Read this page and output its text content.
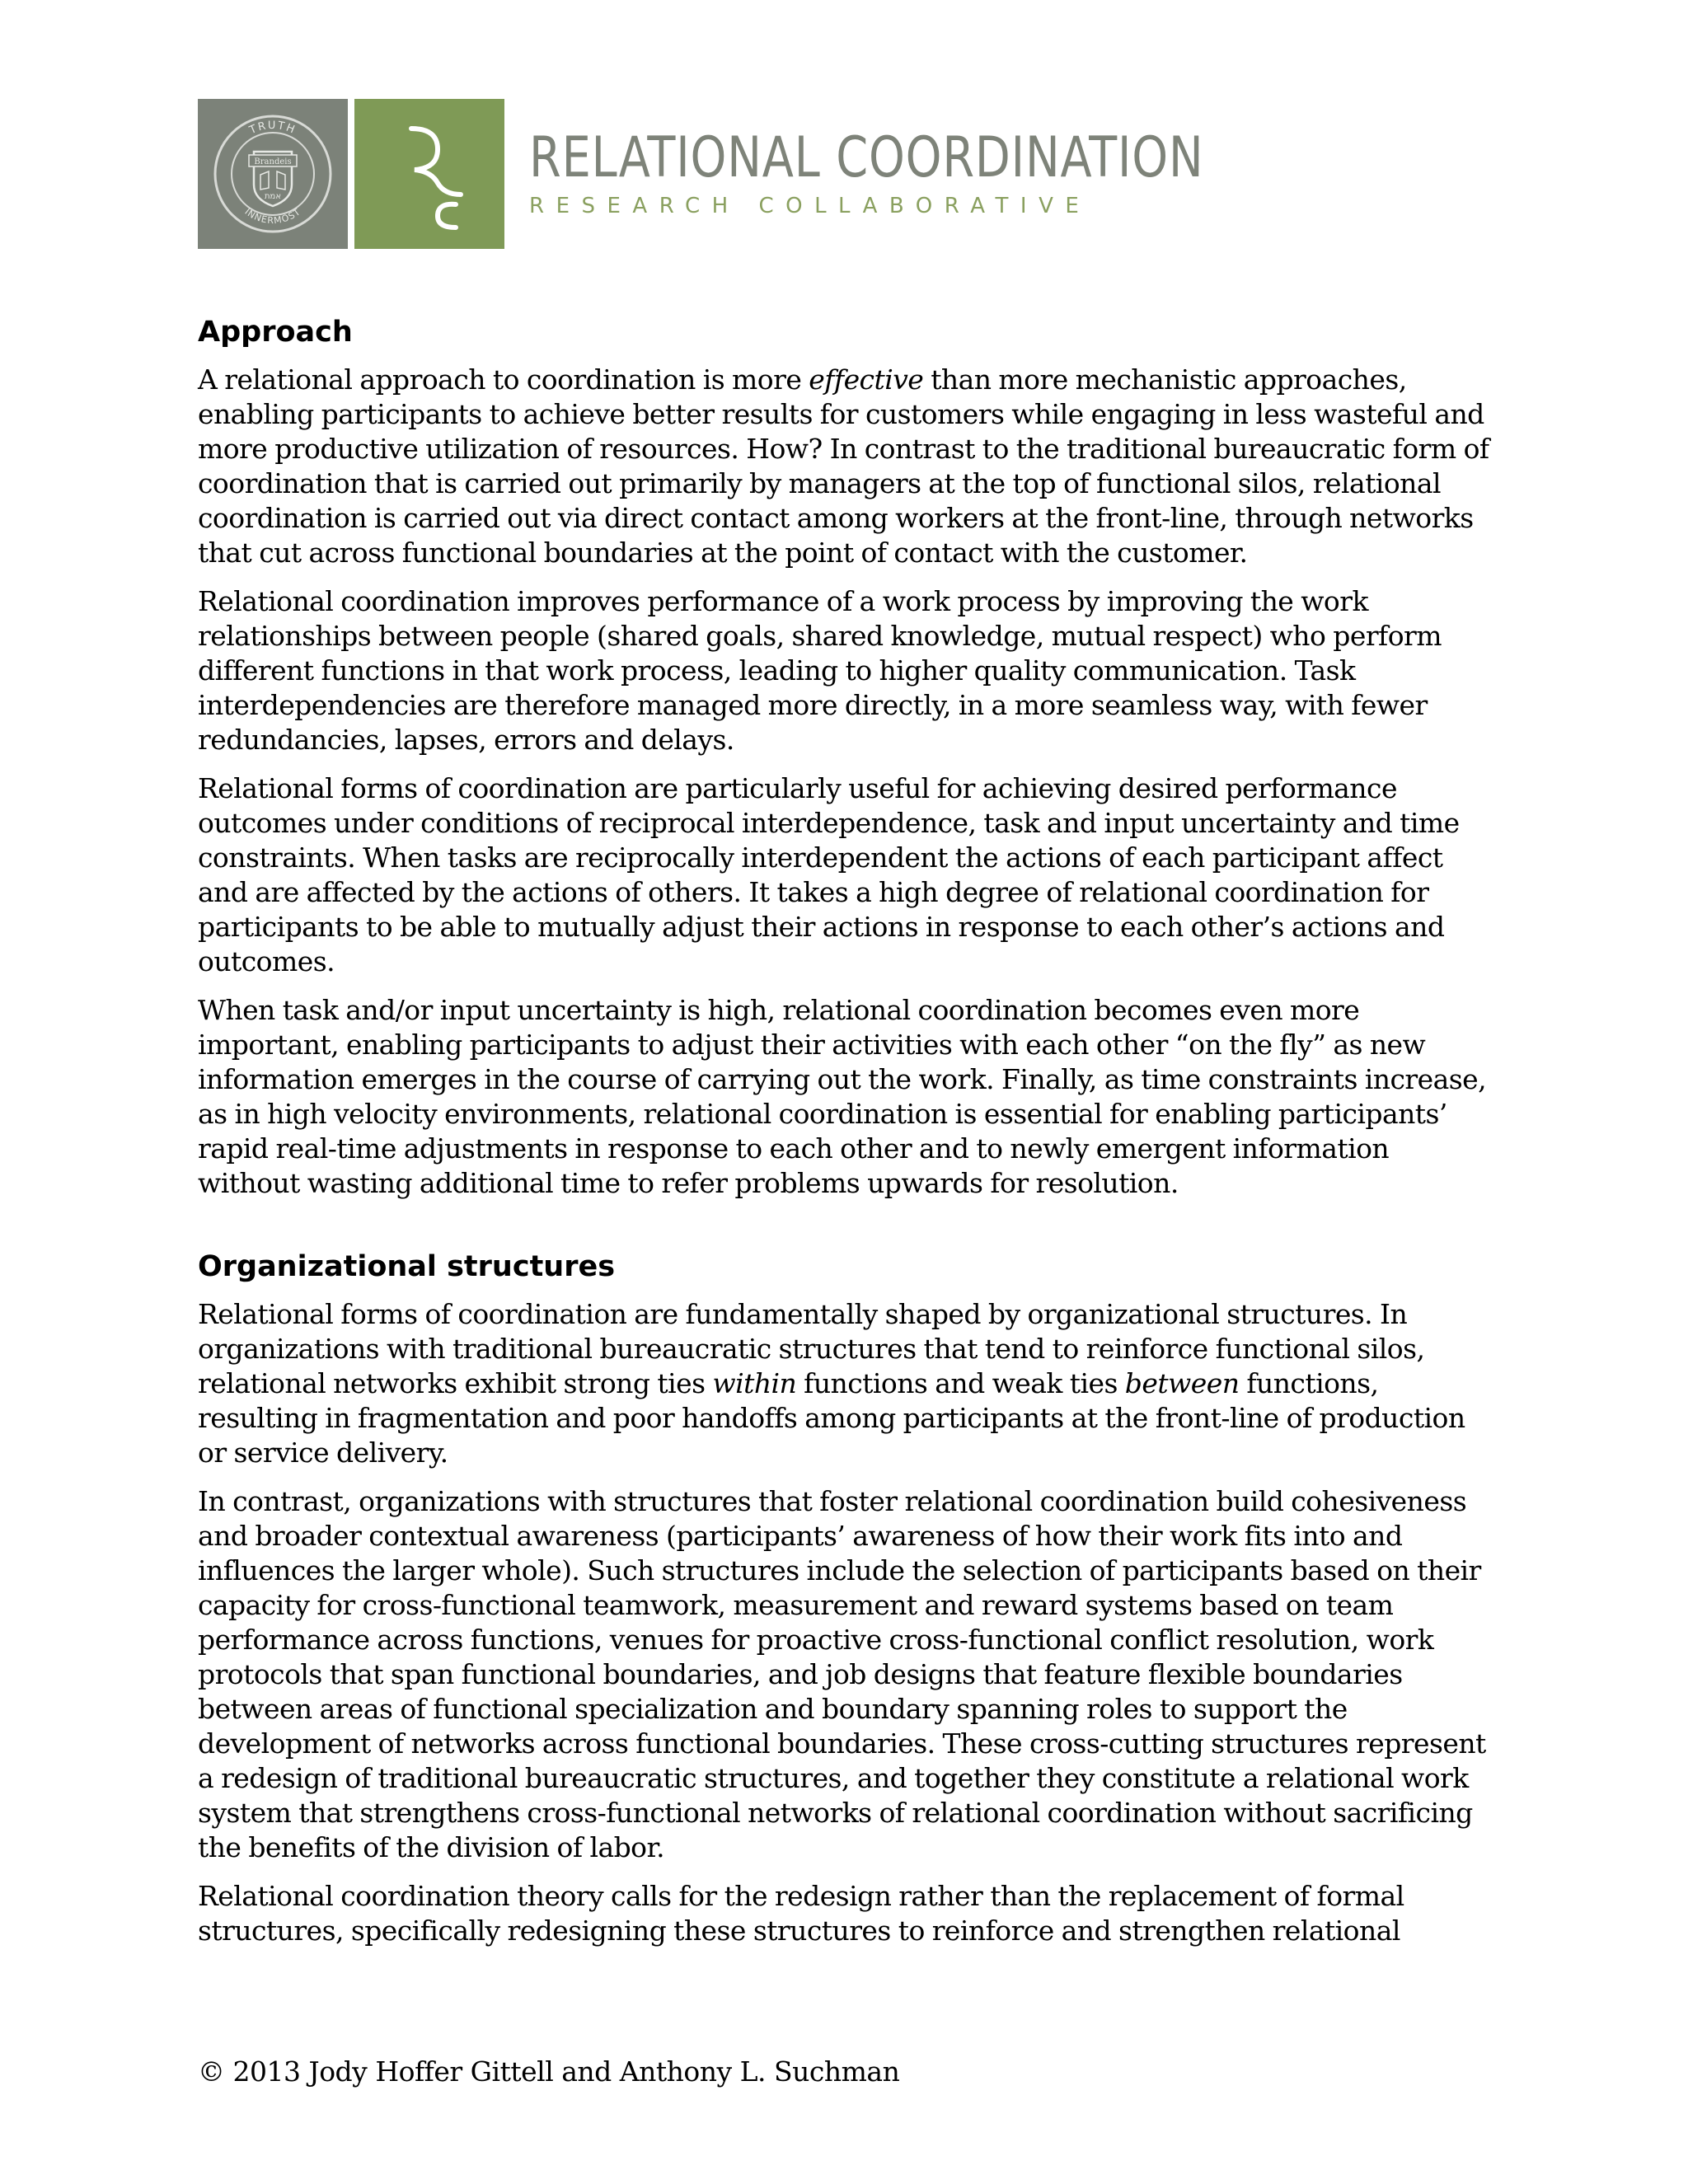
TRUTH
INNERMOST
Brandeis
אמת
RELATIONAL COORDINATION
RESEARCH COLLABORATIVE
Approach

A relational approach to coordination is more effective than more mechanistic approaches, enabling participants to achieve better results for customers while engaging in less wasteful and more productive utilization of resources. How? In contrast to the traditional bureaucratic form of coordination that is carried out primarily by managers at the top of functional silos, relational coordination is carried out via direct contact among workers at the front-line, through networks that cut across functional boundaries at the point of contact with the customer.

Relational coordination improves performance of a work process by improving the work relationships between people (shared goals, shared knowledge, mutual respect) who perform different functions in that work process, leading to higher quality communication. Task interdependencies are therefore managed more directly, in a more seamless way, with fewer redundancies, lapses, errors and delays.

Relational forms of coordination are particularly useful for achieving desired performance outcomes under conditions of reciprocal interdependence, task and input uncertainty and time constraints. When tasks are reciprocally interdependent the actions of each participant affect and are affected by the actions of others. It takes a high degree of relational coordination for participants to be able to mutually adjust their actions in response to each other’s actions and outcomes.

When task and/or input uncertainty is high, relational coordination becomes even more important, enabling participants to adjust their activities with each other “on the fly” as new information emerges in the course of carrying out the work. Finally, as time constraints increase, as in high velocity environments, relational coordination is essential for enabling participants’ rapid real-time adjustments in response to each other and to newly emergent information without wasting additional time to refer problems upwards for resolution.

Organizational structures

Relational forms of coordination are fundamentally shaped by organizational structures. In organizations with traditional bureaucratic structures that tend to reinforce functional silos, relational networks exhibit strong ties within functions and weak ties between functions, resulting in fragmentation and poor handoffs among participants at the front-line of production or service delivery.

In contrast, organizations with structures that foster relational coordination build cohesiveness and broader contextual awareness (participants’ awareness of how their work fits into and influences the larger whole). Such structures include the selection of participants based on their capacity for cross-functional teamwork, measurement and reward systems based on team performance across functions, venues for proactive cross-functional conflict resolution, work protocols that span functional boundaries, and job designs that feature flexible boundaries between areas of functional specialization and boundary spanning roles to support the development of networks across functional boundaries. These cross-cutting structures represent a redesign of traditional bureaucratic structures, and together they constitute a relational work system that strengthens cross-functional networks of relational coordination without sacrificing the benefits of the division of labor.

Relational coordination theory calls for the redesign rather than the replacement of formal structures, specifically redesigning these structures to reinforce and strengthen relational

© 2013 Jody Hoffer Gittell and Anthony L. Suchman
